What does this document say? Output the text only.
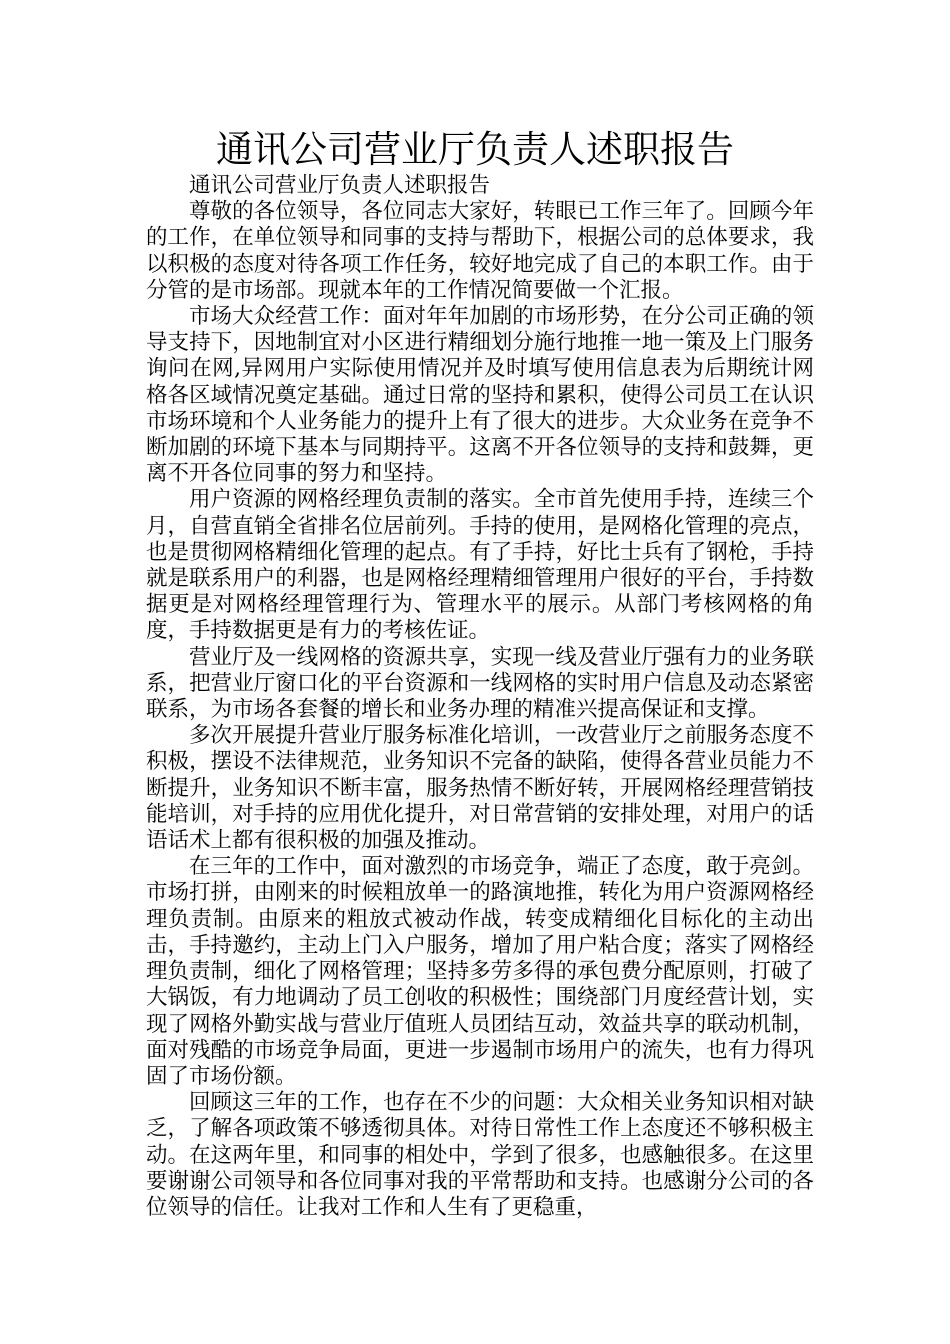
通讯公司营业厅负责人述职报告

通讯公司营业厅负责人述职报告

尊敬的各位领导，各位同志大家好，转眼已工作三年了。回顾今年的工作，在单位领导和同事的支持与帮助下，根据公司的总体要求，我以积极的态度对待各项工作任务，较好地完成了自己的本职工作。由于分管的是市场部。现就本年的工作情况简要做一个汇报。

市场大众经营工作：面对年年加剧的市场形势，在分公司正确的领导支持下，因地制宜对小区进行精细划分施行地推一地一策及上门服务询问在网,异网用户实际使用情况并及时填写使用信息表为后期统计网格各区域情况奠定基础。通过日常的坚持和累积，使得公司员工在认识市场环境和个人业务能力的提升上有了很大的进步。大众业务在竞争不断加剧的环境下基本与同期持平。这离不开各位领导的支持和鼓舞，更离不开各位同事的努力和坚持。

用户资源的网格经理负责制的落实。全市首先使用手持，连续三个月，自营直销全省排名位居前列。手持的使用，是网格化管理的亮点，也是贯彻网格精细化管理的起点。有了手持，好比士兵有了钢枪，手持就是联系用户的利器，也是网格经理精细管理用户很好的平台，手持数据更是对网格经理管理行为、管理水平的展示。从部门考核网格的角度，手持数据更是有力的考核佐证。

营业厅及一线网格的资源共享，实现一线及营业厅强有力的业务联系，把营业厅窗口化的平台资源和一线网格的实时用户信息及动态紧密联系，为市场各套餐的增长和业务办理的精准兴提高保证和支撑。

多次开展提升营业厅服务标准化培训，一改营业厅之前服务态度不积极，摆设不法律规范，业务知识不完备的缺陷，使得各营业员能力不断提升，业务知识不断丰富，服务热情不断好转，开展网格经理营销技能培训，对手持的应用优化提升，对日常营销的安排处理，对用户的话语话术上都有很积极的加强及推动。

在三年的工作中，面对激烈的市场竞争，端正了态度，敢于亮剑。市场打拼，由刚来的时候粗放单一的路演地推，转化为用户资源网格经理负责制。由原来的粗放式被动作战，转变成精细化目标化的主动出击，手持邀约，主动上门入户服务，增加了用户粘合度；落实了网格经理负责制，细化了网格管理；坚持多劳多得的承包费分配原则，打破了大锅饭，有力地调动了员工创收的积极性；围绕部门月度经营计划，实现了网格外勤实战与营业厅值班人员团结互动，效益共享的联动机制，面对残酷的市场竞争局面，更进一步遏制市场用户的流失，也有力得巩固了市场份额。

回顾这三年的工作，也存在不少的问题：大众相关业务知识相对缺乏，了解各项政策不够透彻具体。对待日常性工作上态度还不够积极主动。在这两年里，和同事的相处中，学到了很多，也感触很多。在这里要谢谢公司领导和各位同事对我的平常帮助和支持。也感谢分公司的各位领导的信任。让我对工作和人生有了更稳重，
